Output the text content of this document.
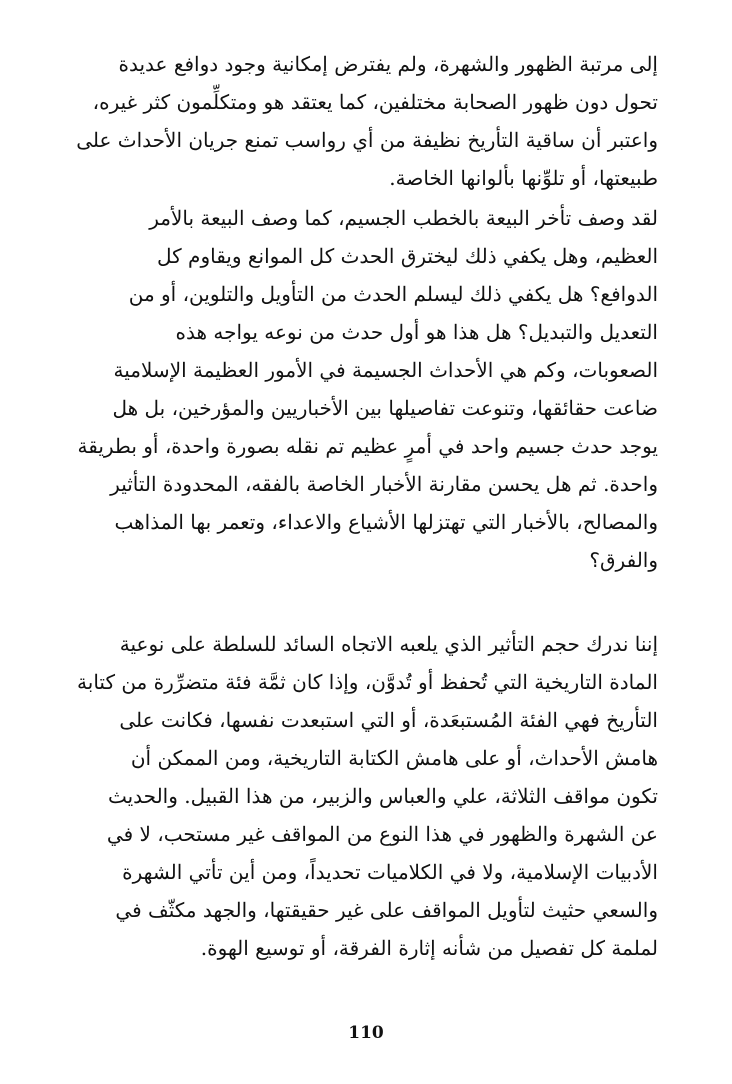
إلى مرتبة الظهور والشهرة، ولم يفترض إمكانية وجود دوافع عديدة
تحول دون ظهور الصحابة مختلفين، كما يعتقد هو ومتكلِّمون كثر غيره،
واعتبر أن ساقية التأريخ نظيفة من أي رواسب تمنع جريان الأحداث على
طبيعتها، أو تلوِّنها بألوانها الخاصة.
لقد وصف تأخر البيعة بالخطب الجسيم، كما وصف البيعة بالأمر
العظيم، وهل يكفي ذلك ليخترق الحدث كل الموانع ويقاوم كل
الدوافع؟ هل يكفي ذلك ليسلم الحدث من التأويل والتلوين، أو من
التعديل والتبديل؟ هل هذا هو أول حدث من نوعه يواجه هذه
الصعوبات، وكم هي الأحداث الجسيمة في الأمور العظيمة الإسلامية
ضاعت حقائقها، وتنوعت تفاصيلها بين الأخباريين والمؤرخين، بل هل
يوجد حدث جسيم واحد في أمرٍ عظيم تم نقله بصورة واحدة، أو بطريقة
واحدة. ثم هل يحسن مقارنة الأخبار الخاصة بالفقه، المحدودة التأثير
والمصالح، بالأخبار التي تهتزلها الأشياع والاعداء، وتعمر بها المذاهب
والفرق؟
إننا ندرك حجم التأثير الذي يلعبه الاتجاه السائد للسلطة على نوعية
المادة التاريخية التي تُحفظ أو تُدوَّن، وإذا كان ثمَّة فئة متضرِّرة من كتابة
التأريخ فهي الفئة المُستبعَدة، أو التي استبعدت نفسها، فكانت على
هامش الأحداث، أو على هامش الكتابة التاريخية، ومن الممكن أن
تكون مواقف الثلاثة، علي والعباس والزبير، من هذا القبيل. والحديث
عن الشهرة والظهور في هذا النوع من المواقف غير مستحب، لا في
الأدبيات الإسلامية، ولا في الكلاميات تحديداً، ومن أين تأتي الشهرة
والسعي حثيث لتأويل المواقف على غير حقيقتها، والجهد مكثّف في
لملمة كل تفصيل من شأنه إثارة الفرقة، أو توسيع الهوة.
110
